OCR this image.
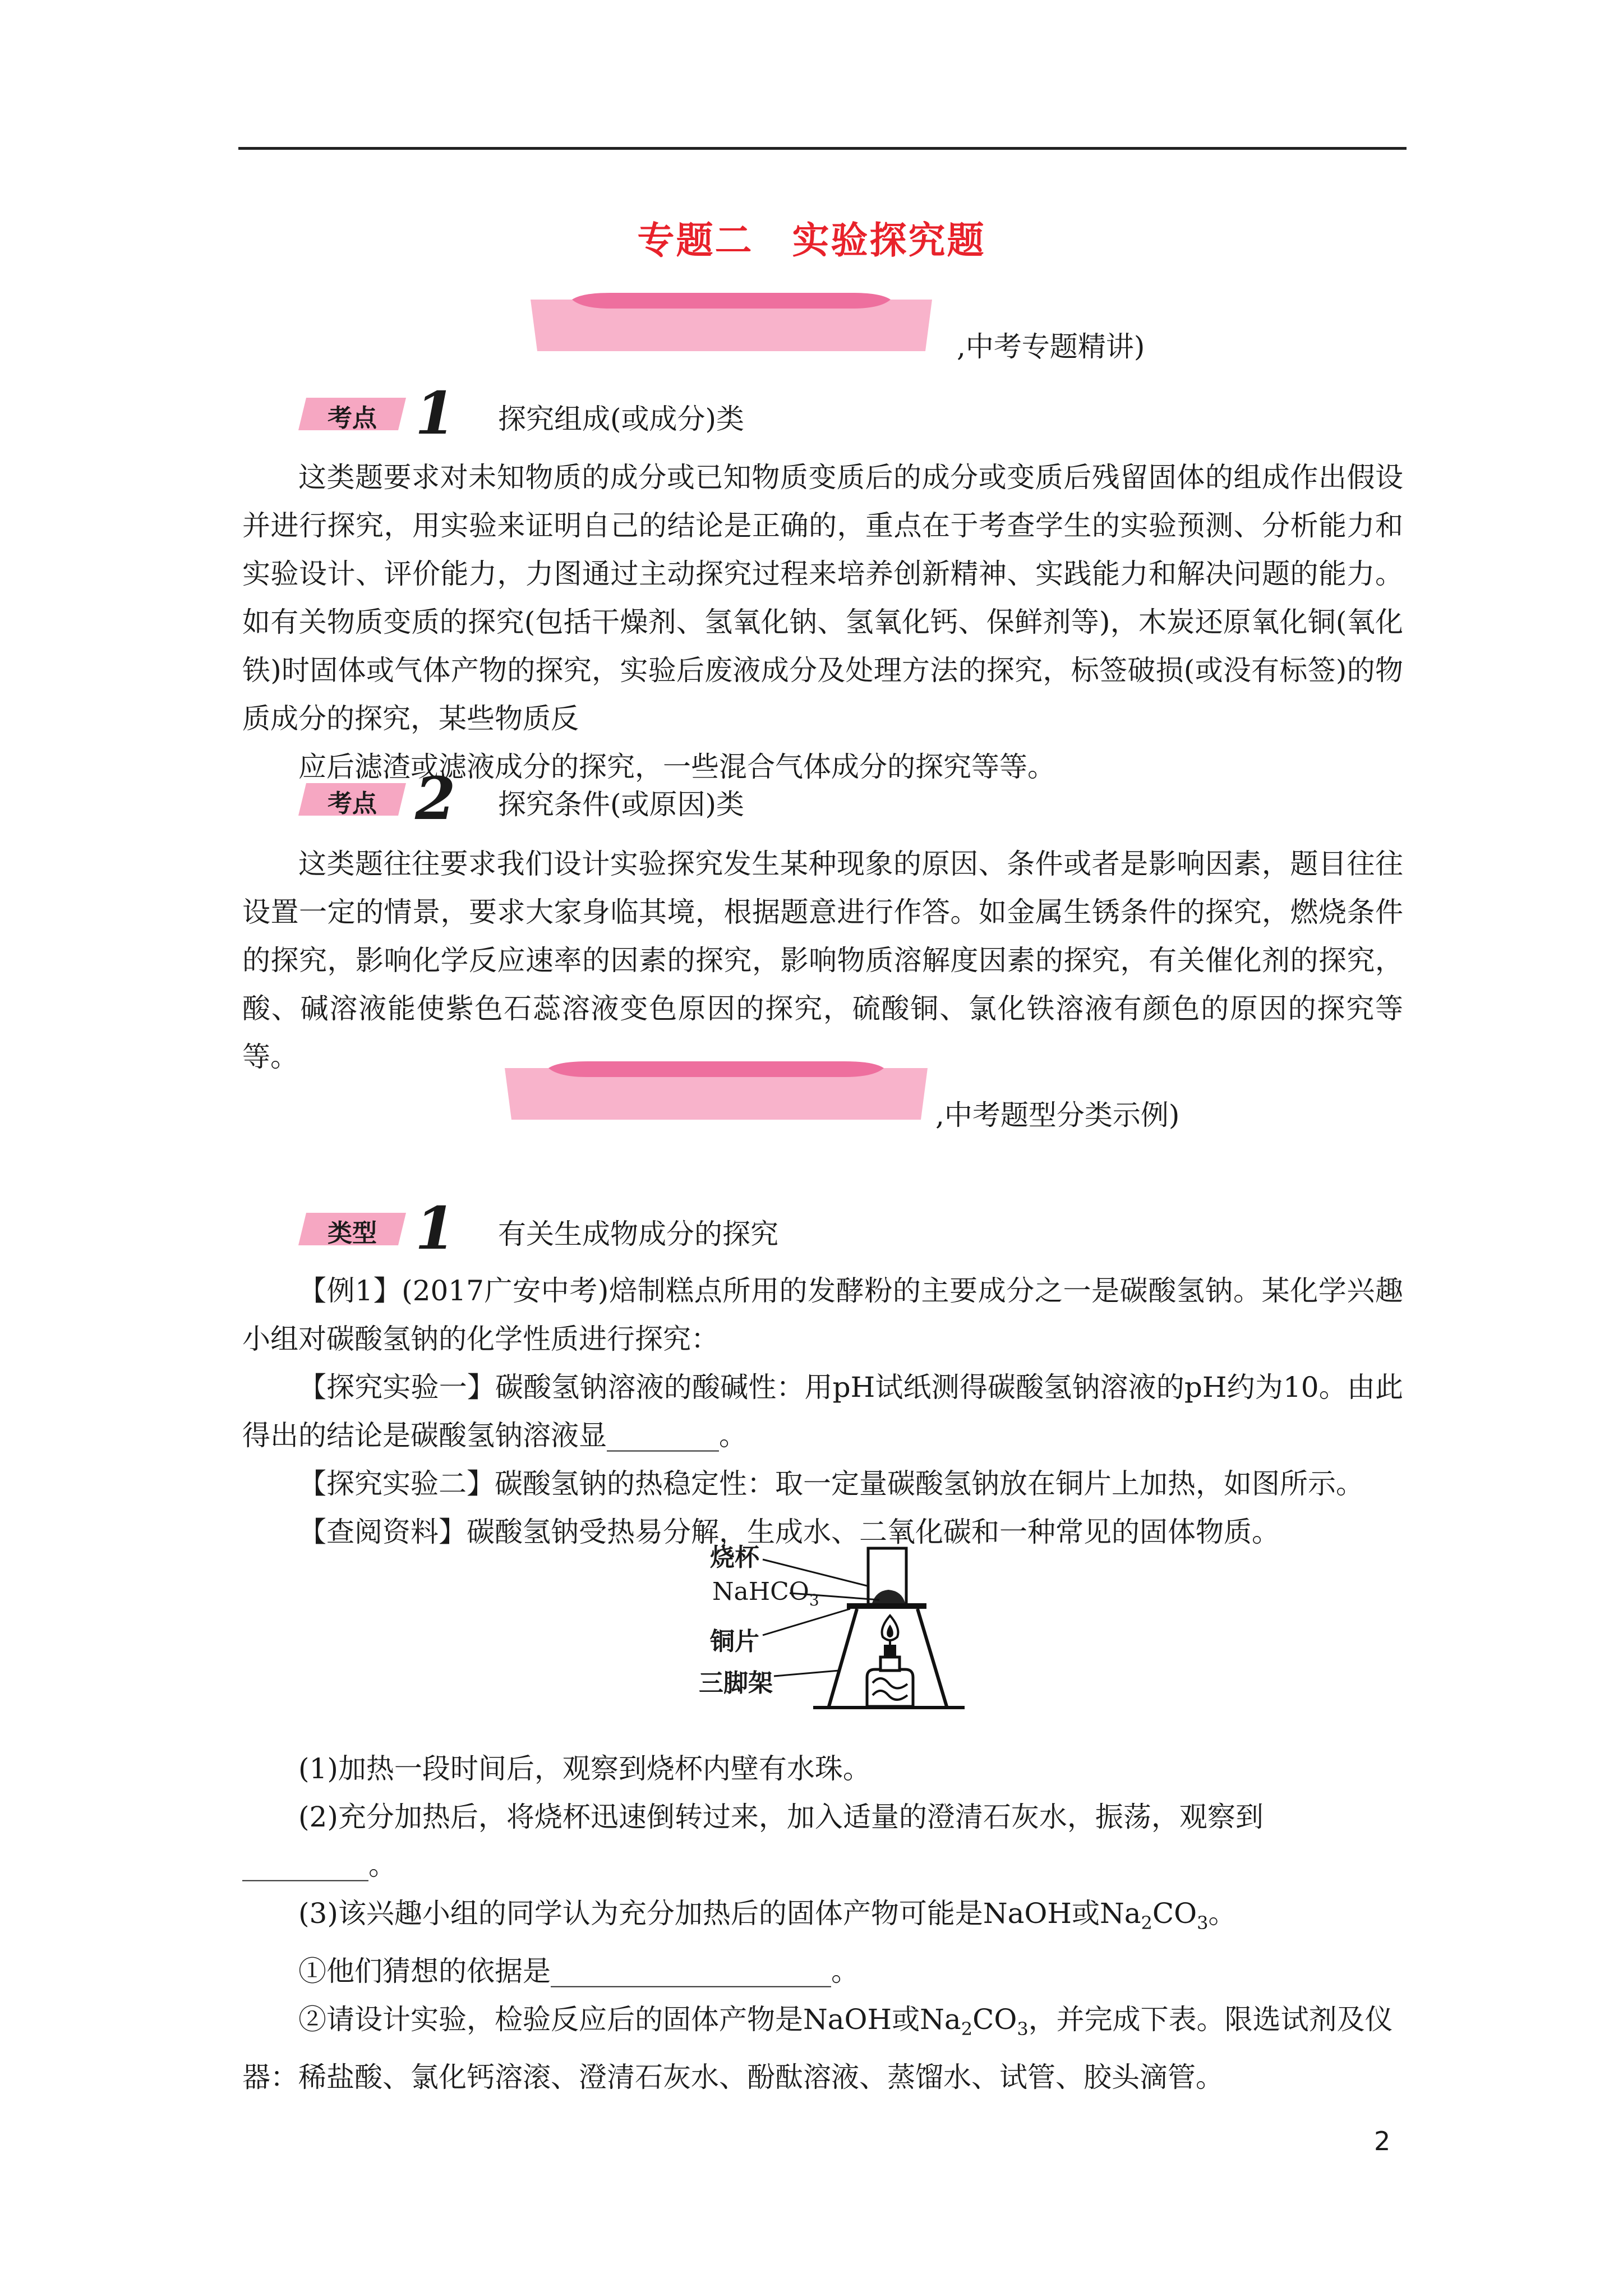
专题二　实验探究题
,中考专题精讲)
考点 1 探究组成(或成分)类

这类题要求对未知物质的成分或已知物质变质后的成分或变质后残留固体的组成作出假设并进行探究，用实验来证明自己的结论是正确的，重点在于考查学生的实验预测、分析能力和实验设计、评价能力，力图通过主动探究过程来培养创新精神、实践能力和解决问题的能力。如有关物质变质的探究(包括干燥剂、氢氧化钠、氢氧化钙、保鲜剂等)，木炭还原氧化铜(氧化铁)时固体或气体产物的探究，实验后废液成分及处理方法的探究，标签破损(或没有标签)的物质成分的探究，某些物质反

应后滤渣或滤液成分的探究，一些混合气体成分的探究等等。

考点 2 探究条件(或原因)类

这类题往往要求我们设计实验探究发生某种现象的原因、条件或者是影响因素，题目往往设置一定的情景，要求大家身临其境，根据题意进行作答。如金属生锈条件的探究，燃烧条件的探究，影响化学反应速率的因素的探究，影响物质溶解度因素的探究，有关催化剂的探究，酸、碱溶液能使紫色石蕊溶液变色原因的探究，硫酸铜、氯化铁溶液有颜色的原因的探究等等。

,中考题型分类示例)
类型 1 有关生成物成分的探究

【例1】(2017广安中考)焙制糕点所用的发酵粉的主要成分之一是碳酸氢钠。某化学兴趣小组对碳酸氢钠的化学性质进行探究：

【探究实验一】碳酸氢钠溶液的酸碱性：用pH试纸测得碳酸氢钠溶液的pH约为10。由此得出的结论是碳酸氢钠溶液显________。

【探究实验二】碳酸氢钠的热稳定性：取一定量碳酸氢钠放在铜片上加热，如图所示。

【查阅资料】碳酸氢钠受热易分解，生成水、二氧化碳和一种常见的固体物质。

烧杯
NaHCO$_3$
铜片
三脚架

(1)加热一段时间后，观察到烧杯内壁有水珠。

(2)充分加热后，将烧杯迅速倒转过来，加入适量的澄清石灰水，振荡，观察到

_________。

(3)该兴趣小组的同学认为充分加热后的固体产物可能是NaOH或$Na_2CO_3$。

①他们猜想的依据是____________________。

②请设计实验，检验反应后的固体产物是NaOH或$Na_2CO_3$，并完成下表。限选试剂及仪

器：稀盐酸、氯化钙溶滚、澄清石灰水、酚酞溶液、蒸馏水、试管、胶头滴管。

2
